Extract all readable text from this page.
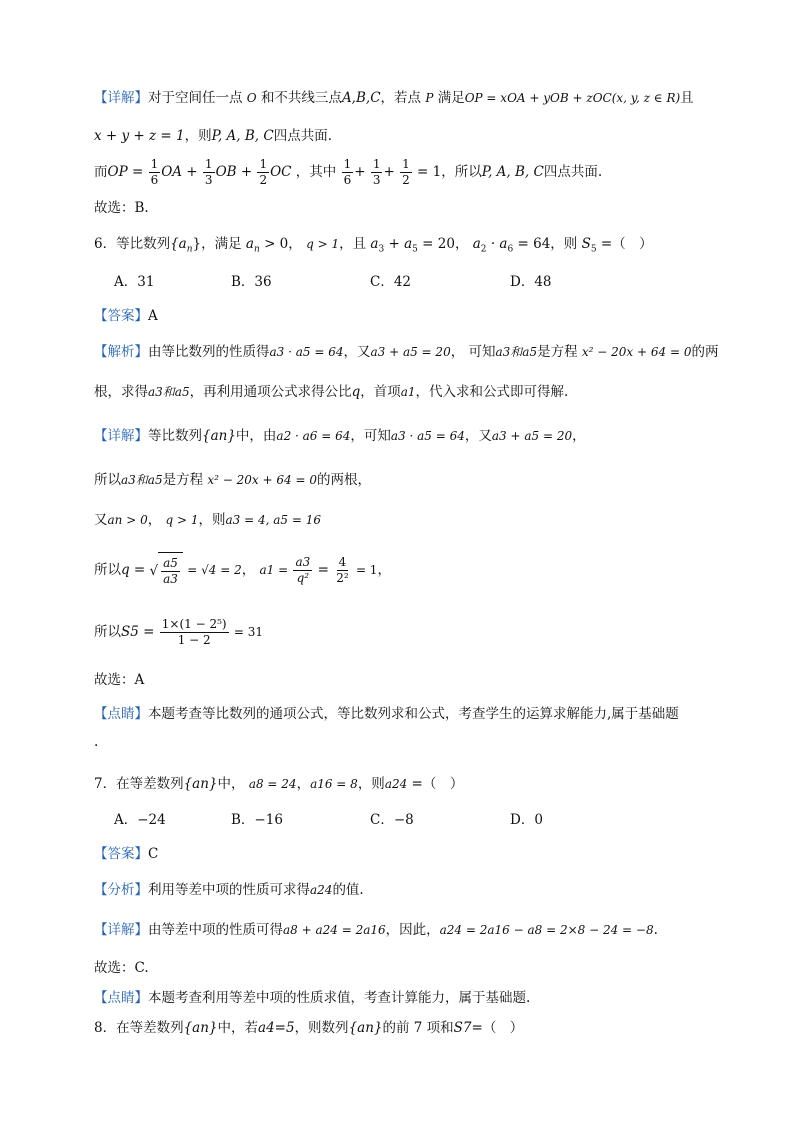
【详解】对于空间任一点 O 和不共线三点A,B,C，若点 P 满足OP = xOA + yOB + zOC(x, y, z ∈ R)且
x + y + z = 1，则P, A, B, C四点共面.
而OP = $\frac{1}{6}$ OA + $\frac{1}{3}$ OB + $\frac{1}{2}$ OC ，其中 $\frac{1}{6} + \frac{1}{3} + \frac{1}{2} = 1$，所以P, A, B, C四点共面.
故选：B.
6．等比数列$\{a_n\}$，满足 $a_n > 0$， q > 1，且 $a_3 + a_5 = 20$， $a_2 \cdot a_6 = 64$，则 $S_5$ =（　）
A．31	B．36	C．42	D．48
【答案】A
【解析】由等比数列的性质得a3 · a5 = 64，又a3 + a5 = 20， 可知a3和a5是方程 x² − 20x + 64 = 0的两
根，求得a3和a5，再利用通项公式求得公比q，首项a1，代入求和公式即可得解.
【详解】等比数列{an}中，由a2 · a6 = 64，可知a3 · a5 = 64，又a3 + a5 = 20，
所以a3和a5是方程 x² − 20x + 64 = 0的两根，
又an > 0， q > 1，则a3 = 4, a5 = 16
所以q = √ $\frac{a5}{a3} = √4 = 2$， $a1 = \frac{a3}{\text{q²}} = \frac{4}{\text{2²}} = 1$，
所以$S5 = \frac{\text{1×(1 − 2⁵)}}{1 - 2} = 31$
故选：A
【点睛】本题考查等比数列的通项公式，等比数列求和公式，考查学生的运算求解能力,属于基础题
.
7．在等差数列{an}中， a8 = 24，a16 = 8，则a24 =（　）
A．−24	B．−16	C．−8	D．0
【答案】C
【分析】利用等差中项的性质可求得a24的值.
【详解】由等差中项的性质可得a8 + a24 = 2a16，因此，a24 = 2a16 − a8 = 2×8 − 24 = −8.
故选：C.
【点睛】本题考查利用等差中项的性质求值，考查计算能力，属于基础题.
8．在等差数列{an}中，若a4=5，则数列{an}的前 7 项和S7=（　）
